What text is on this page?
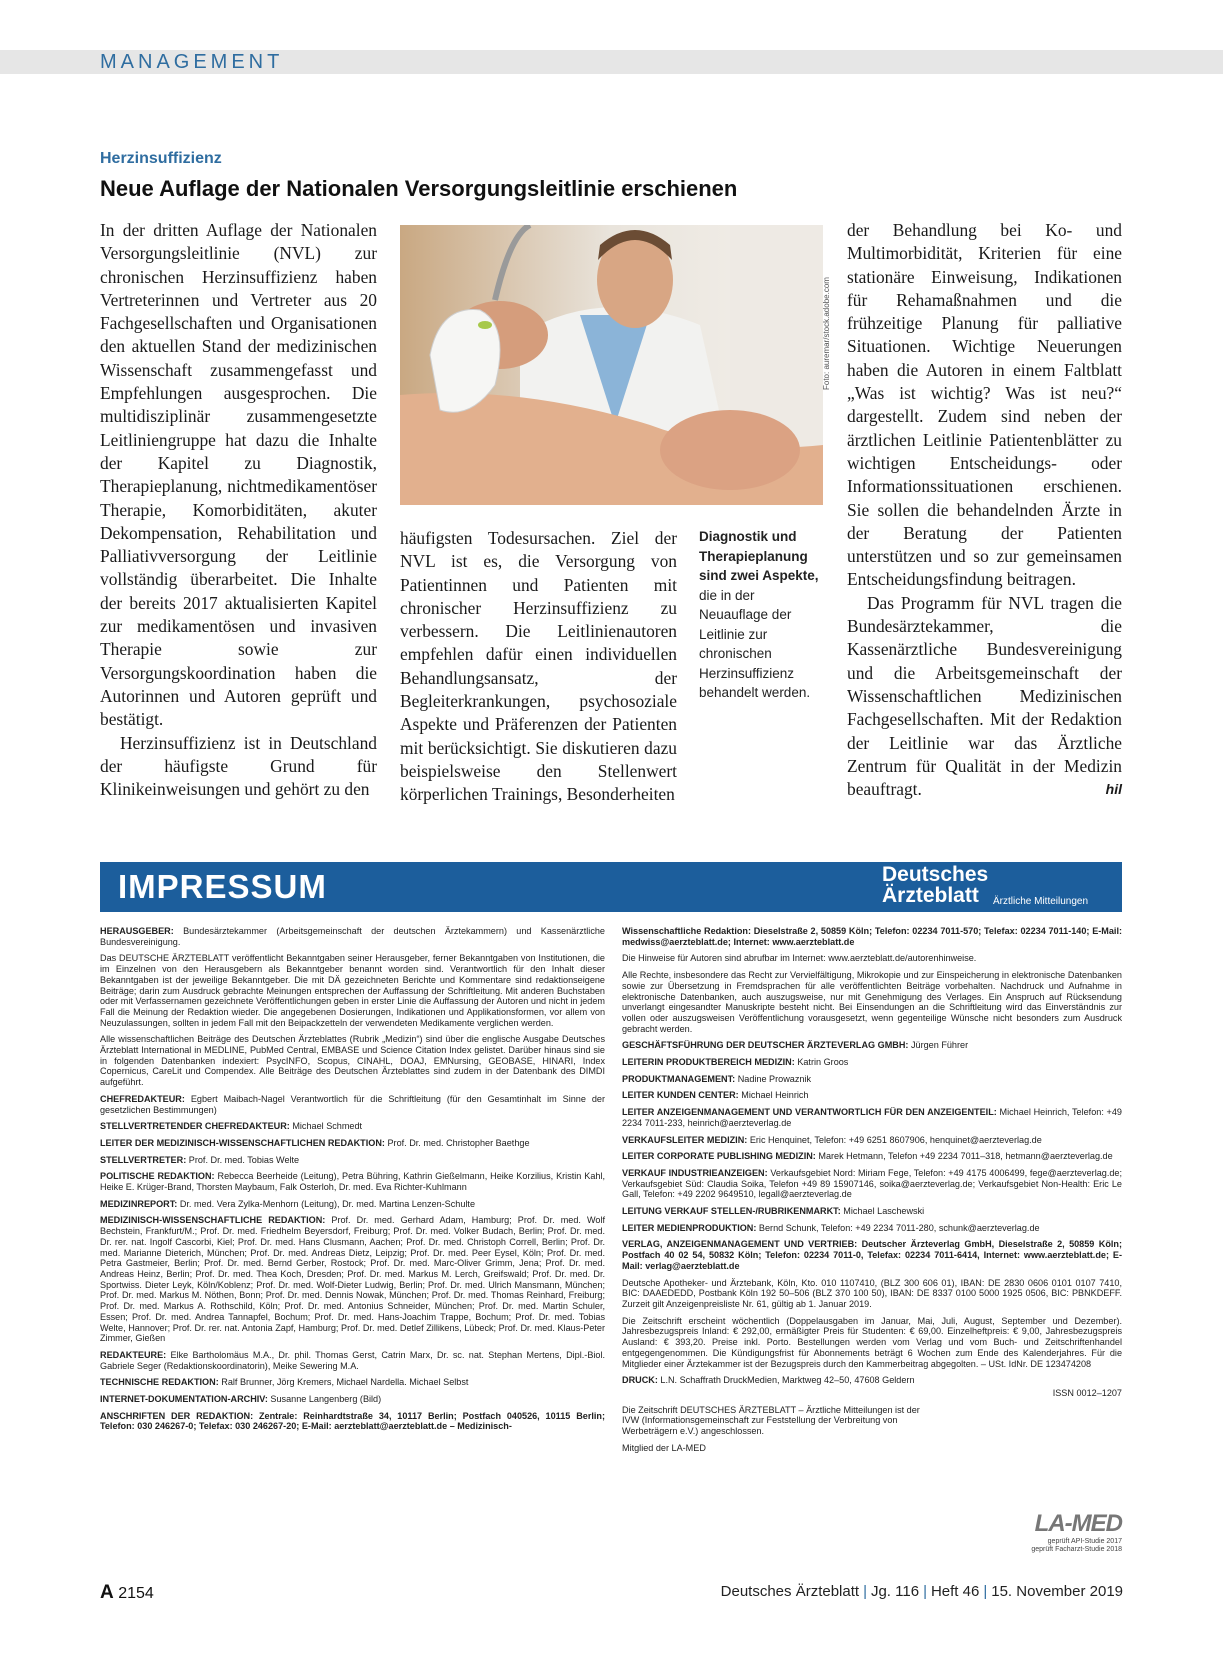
MANAGEMENT
Herzinsuffizienz
Neue Auflage der Nationalen Versorgungsleitlinie erschienen

In der dritten Auflage der Nationalen Versorgungsleitlinie (NVL) zur chronischen Herzinsuffizienz haben Vertreterinnen und Vertreter aus 20 Fachgesellschaften und Organisationen den aktuellen Stand der medizinischen Wissenschaft zusammengefasst und Empfehlungen ausgesprochen. Die multidisziplinär zusammengesetzte Leitliniengruppe hat dazu die Inhalte der Kapitel zu Diagnostik, Therapieplanung, nichtmedikamentöser Therapie, Komorbiditäten, akuter Dekompensation, Rehabilitation und Palliativversorgung der Leitlinie vollständig überarbeitet. Die Inhalte der bereits 2017 aktualisierten Kapitel zur medikamentösen und invasiven Therapie sowie zur Versorgungskoordination haben die Autorinnen und Autoren geprüft und bestätigt.

Herzinsuffizienz ist in Deutschland der häufigste Grund für Klinikeinweisungen und gehört zu den

Foto: auremar/stock.adobe.com

häufigsten Todesursachen. Ziel der NVL ist es, die Versorgung von Patientinnen und Patienten mit chronischer Herzinsuffizienz zu verbessern. Die Leitlinienautoren empfehlen dafür einen individuellen Behandlungsansatz, der Begleiterkrankungen, psychosoziale Aspekte und Präferenzen der Patienten mit berücksichtigt. Sie diskutieren dazu beispielsweise den Stellenwert körperlichen Trainings, Besonderheiten

Diagnostik und Therapieplanung sind zwei Aspekte, die in der Neuauflage der Leitlinie zur chronischen Herzinsuffizienz behandelt werden.

der Behandlung bei Ko- und Multimorbidität, Kriterien für eine stationäre Einweisung, Indikationen für Rehamaßnahmen und die frühzeitige Planung für palliative Situationen. Wichtige Neuerungen haben die Autoren in einem Faltblatt „Was ist wichtig? Was ist neu?“ dargestellt. Zudem sind neben der ärztlichen Leitlinie Patientenblätter zu wichtigen Entscheidungs- oder Informationssituationen erschienen. Sie sollen die behandelnden Ärzte in der Beratung der Patienten unterstützen und so zur gemeinsamen Entscheidungsfindung beitragen.

Das Programm für NVL tragen die Bundesärztekammer, die Kassenärztliche Bundesvereinigung und die Arbeitsgemeinschaft der Wissenschaftlichen Medizinischen Fachgesellschaften. Mit der Redaktion der Leitlinie war das Ärztliche Zentrum für Qualität in der Medizin beauftragt.	hil

IMPRESSUM	Deutsches
Ärzteblatt Ärztliche Mitteilungen

HERAUSGEBER: Bundesärztekammer (Arbeitsgemeinschaft der deutschen Ärztekammern) und Kassenärztliche Bundesvereinigung.

Das DEUTSCHE ÄRZTEBLATT veröffentlicht Bekanntgaben seiner Herausgeber, ferner Bekanntgaben von Institutionen, die im Einzelnen von den Herausgebern als Bekanntgeber benannt worden sind. Verantwortlich für den Inhalt dieser Bekanntgaben ist der jeweilige Bekanntgeber. Die mit DÄ gezeichneten Berichte und Kommentare sind redaktionseigene Beiträge; darin zum Ausdruck gebrachte Meinungen entsprechen der Auffassung der Schriftleitung. Mit anderen Buchstaben oder mit Verfassernamen gezeichnete Veröffentlichungen geben in erster Linie die Auffassung der Autoren und nicht in jedem Fall die Meinung der Redaktion wieder. Die angegebenen Dosierungen, Indikationen und Applikationsformen, vor allem von Neuzulassungen, sollten in jedem Fall mit den Beipackzetteln der verwendeten Medikamente verglichen werden.

Alle wissenschaftlichen Beiträge des Deutschen Ärzteblattes (Rubrik „Medizin“) sind über die englische Ausgabe Deutsches Ärzteblatt International in MEDLINE, PubMed Central, EMBASE und Science Citation Index gelistet. Darüber hinaus sind sie in folgenden Datenbanken indexiert: PsycINFO, Scopus, CINAHL, DOAJ, EMNursing, GEOBASE, HINARI, Index Copernicus, CareLit und Compendex. Alle Beiträge des Deutschen Ärzteblattes sind zudem in der Datenbank des DIMDI aufgeführt.

CHEFREDAKTEUR: Egbert Maibach-Nagel Verantwortlich für die Schriftleitung (für den Gesamtinhalt im Sinne der gesetzlichen Bestimmungen)

STELLVERTRETENDER CHEFREDAKTEUR: Michael Schmedt

LEITER DER MEDIZINISCH-WISSENSCHAFTLICHEN REDAKTION: Prof. Dr. med. Christopher Baethge

STELLVERTRETER: Prof. Dr. med. Tobias Welte

POLITISCHE REDAKTION: Rebecca Beerheide (Leitung), Petra Bühring, Kathrin Gießelmann, Heike Korzilius, Kristin Kahl, Heike E. Krüger-Brand, Thorsten Maybaum, Falk Osterloh, Dr. med. Eva Richter-Kuhlmann

MEDIZINREPORT: Dr. med. Vera Zylka-Menhorn (Leitung), Dr. med. Martina Lenzen-Schulte

MEDIZINISCH-WISSENSCHAFTLICHE REDAKTION: Prof. Dr. med. Gerhard Adam, Hamburg; Prof. Dr. med. Wolf Bechstein, Frankfurt/M.; Prof. Dr. med. Friedhelm Beyersdorf, Freiburg; Prof. Dr. med. Volker Budach, Berlin; Prof. Dr. med. Dr. rer. nat. Ingolf Cascorbi, Kiel; Prof. Dr. med. Hans Clusmann, Aachen; Prof. Dr. med. Christoph Correll, Berlin; Prof. Dr. med. Marianne Dieterich, München; Prof. Dr. med. Andreas Dietz, Leipzig; Prof. Dr. med. Peer Eysel, Köln; Prof. Dr. med. Petra Gastmeier, Berlin; Prof. Dr. med. Bernd Gerber, Rostock; Prof. Dr. med. Marc-Oliver Grimm, Jena; Prof. Dr. med. Andreas Heinz, Berlin; Prof. Dr. med. Thea Koch, Dresden; Prof. Dr. med. Markus M. Lerch, Greifswald; Prof. Dr. med. Dr. Sportwiss. Dieter Leyk, Köln/Koblenz; Prof. Dr. med. Wolf-Dieter Ludwig, Berlin; Prof. Dr. med. Ulrich Mansmann, München; Prof. Dr. med. Markus M. Nöthen, Bonn; Prof. Dr. med. Dennis Nowak, München; Prof. Dr. med. Thomas Reinhard, Freiburg; Prof. Dr. med. Markus A. Rothschild, Köln; Prof. Dr. med. Antonius Schneider, München; Prof. Dr. med. Martin Schuler, Essen; Prof. Dr. med. Andrea Tannapfel, Bochum; Prof. Dr. med. Hans-Joachim Trappe, Bochum; Prof. Dr. med. Tobias Welte, Hannover; Prof. Dr. rer. nat. Antonia Zapf, Hamburg; Prof. Dr. med. Detlef Zillikens, Lübeck; Prof. Dr. med. Klaus-Peter Zimmer, Gießen

REDAKTEURE: Elke Bartholomäus M.A., Dr. phil. Thomas Gerst, Catrin Marx, Dr. sc. nat. Stephan Mertens, Dipl.-Biol. Gabriele Seger (Redaktionskoordinatorin), Meike Sewering M.A.

TECHNISCHE REDAKTION: Ralf Brunner, Jörg Kremers, Michael Nardella. Michael Selbst

INTERNET-DOKUMENTATION-ARCHIV: Susanne Langenberg (Bild)

ANSCHRIFTEN DER REDAKTION: Zentrale: Reinhardtstraße 34, 10117 Berlin; Postfach 040526, 10115 Berlin; Telefon: 030 246267-0; Telefax: 030 246267-20; E-Mail: aerzteblatt@aerzteblatt.de – Medizinisch-

Wissenschaftliche Redaktion: Dieselstraße 2, 50859 Köln; Telefon: 02234 7011-570; Telefax: 02234 7011-140; E-Mail: medwiss@aerzteblatt.de; Internet: www.aerzteblatt.de

Die Hinweise für Autoren sind abrufbar im Internet: www.aerzteblatt.de/autorenhinweise.

Alle Rechte, insbesondere das Recht zur Vervielfältigung, Mikrokopie und zur Einspeicherung in elektronische Datenbanken sowie zur Übersetzung in Fremdsprachen für alle veröffentlichten Beiträge vorbehalten. Nachdruck und Aufnahme in elektronische Datenbanken, auch auszugsweise, nur mit Genehmigung des Verlages. Ein Anspruch auf Rücksendung unverlangt eingesandter Manuskripte besteht nicht. Bei Einsendungen an die Schriftleitung wird das Einverständnis zur vollen oder auszugsweisen Veröffentlichung vorausgesetzt, wenn gegenteilige Wünsche nicht besonders zum Ausdruck gebracht werden.

GESCHÄFTSFÜHRUNG DER DEUTSCHER ÄRZTEVERLAG GMBH: Jürgen Führer

LEITERIN PRODUKTBEREICH MEDIZIN: Katrin Groos

PRODUKTMANAGEMENT: Nadine Prowaznik

LEITER KUNDEN CENTER: Michael Heinrich

LEITER ANZEIGENMANAGEMENT UND VERANTWORTLICH FÜR DEN ANZEIGENTEIL: Michael Heinrich, Telefon: +49 2234 7011-233, heinrich@aerzteverlag.de

VERKAUFSLEITER MEDIZIN: Eric Henquinet, Telefon: +49 6251 8607906, henquinet@aerzteverlag.de

LEITER CORPORATE PUBLISHING MEDIZIN: Marek Hetmann, Telefon +49 2234 7011–318, hetmann@aerzteverlag.de

VERKAUF INDUSTRIEANZEIGEN: Verkaufsgebiet Nord: Miriam Fege, Telefon: +49 4175 4006499, fege@aerzteverlag.de; Verkaufsgebiet Süd: Claudia Soika, Telefon +49 89 15907146, soika@aerzteverlag.de; Verkaufsgebiet Non-Health: Eric Le Gall, Telefon: +49 2202 9649510, legall@aerzteverlag.de

LEITUNG VERKAUF STELLEN-/RUBRIKENMARKT: Michael Laschewski

LEITER MEDIENPRODUKTION: Bernd Schunk, Telefon: +49 2234 7011-280, schunk@aerzteverlag.de

VERLAG, ANZEIGENMANAGEMENT UND VERTRIEB: Deutscher Ärzteverlag GmbH, Dieselstraße 2, 50859 Köln; Postfach 40 02 54, 50832 Köln; Telefon: 02234 7011-0, Telefax: 02234 7011-6414, Internet: www.aerzteblatt.de; E-Mail: verlag@aerzteblatt.de

Deutsche Apotheker- und Ärztebank, Köln, Kto. 010 1107410, (BLZ 300 606 01), IBAN: DE 2830 0606 0101 0107 7410, BIC: DAAEDEDD, Postbank Köln 192 50–506 (BLZ 370 100 50), IBAN: DE 8337 0100 5000 1925 0506, BIC: PBNKDEFF. Zurzeit gilt Anzeigenpreisliste Nr. 61, gültig ab 1. Januar 2019.

Die Zeitschrift erscheint wöchentlich (Doppelausgaben im Januar, Mai, Juli, August, September und Dezember). Jahresbezugspreis Inland: € 292,00, ermäßigter Preis für Studenten: € 69,00. Einzelheftpreis: € 9,00, Jahresbezugspreis Ausland: € 393,20. Preise inkl. Porto. Bestellungen werden vom Verlag und vom Buch- und Zeitschriftenhandel entgegengenommen. Die Kündigungsfrist für Abonnements beträgt 6 Wochen zum Ende des Kalenderjahres. Für die Mitglieder einer Ärztekammer ist der Bezugspreis durch den Kammerbeitrag abgegolten. – USt. IdNr. DE 123474208

DRUCK: L.N. Schaffrath DruckMedien, Marktweg 42–50, 47608 Geldern

ISSN 0012–1207

Die Zeitschrift DEUTSCHES ÄRZTEBLATT – Ärztliche Mitteilungen ist der IVW (Informationsgemeinschaft zur Feststellung der Verbreitung von Werbeträgern e.V.) angeschlossen.

Mitglied der LA-MED

LA-MED
geprüft API-Studie 2017
geprüft Facharzt-Studie 2018
A 2154	Deutsches Ärzteblatt | Jg. 116 | Heft 46 | 15. November 2019
